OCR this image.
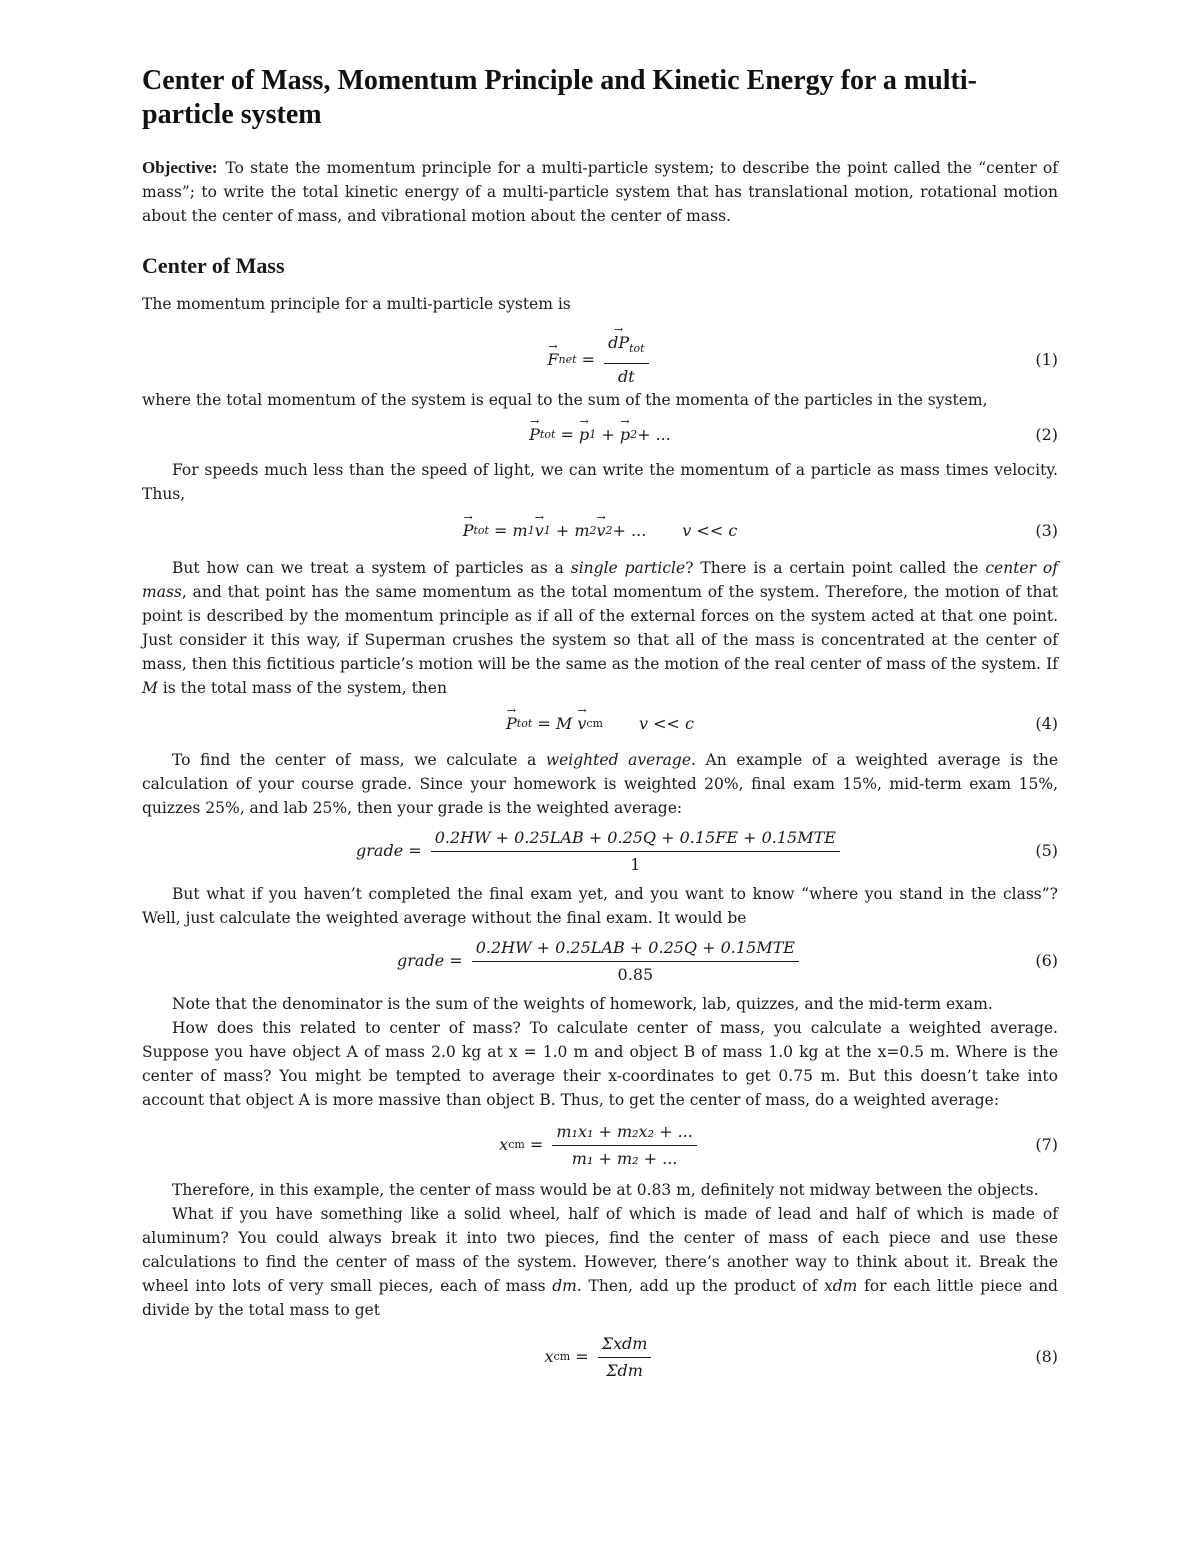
Center of Mass, Momentum Principle and Kinetic Energy for a multi-particle system

Objective: To state the momentum principle for a multi-particle system; to describe the point called the “center of mass”; to write the total kinetic energy of a multi-particle system that has translational motion, rotational motion about the center of mass, and vibrational motion about the center of mass.

Center of Mass

The momentum principle for a multi-particle system is

→ F net = → $\frac{dP_{tot}}{dt}$	(1)

where the total momentum of the system is equal to the sum of the momenta of the particles in the system,

→ P tot = → p 1 + → p 2 + ...	(2)

For speeds much less than the speed of light, we can write the momentum of a particle as mass times velocity. Thus,

→ P tot = m 1 → v 1 + m 2 → v 2 + ... v << c	(3)

But how can we treat a system of particles as a single particle? There is a certain point called the center of mass, and that point has the same momentum as the total momentum of the system. Therefore, the motion of that point is described by the momentum principle as if all of the external forces on the system acted at that one point. Just consider it this way, if Superman crushes the system so that all of the mass is concentrated at the center of mass, then this fictitious particle’s motion will be the same as the motion of the real center of mass of the system. If M is the total mass of the system, then

→ P tot = M
→ v cm v << c	(4)

To find the center of mass, we calculate a weighted average. An example of a weighted average is the calculation of your course grade. Since your homework is weighted 20%, final exam 15%, mid-term exam 15%, quizzes 25%, and lab 25%, then your grade is the weighted average:

grade = $\frac{\text{0.2HW + 0.25LAB + 0.25Q + 0.15FE + 0.15MTE}}{1}$	(5)

But what if you haven’t completed the final exam yet, and you want to know “where you stand in the class”? Well, just calculate the weighted average without the final exam. It would be

grade = $\frac{\text{0.2HW + 0.25LAB + 0.25Q + 0.15MTE}}{0.85}$	(6)

Note that the denominator is the sum of the weights of homework, lab, quizzes, and the mid-term exam.

How does this related to center of mass? To calculate center of mass, you calculate a weighted average. Suppose you have object A of mass 2.0 kg at x = 1.0 m and object B of mass 1.0 kg at the x=0.5 m. Where is the center of mass? You might be tempted to average their x-coordinates to get 0.75 m. But this doesn’t take into account that object A is more massive than object B. Thus, to get the center of mass, do a weighted average:

x cm = $\frac{\text{m₁x₁ + m₂x₂ + ...}}{\text{m₁ + m₂ + ...}}$	(7)

Therefore, in this example, the center of mass would be at 0.83 m, definitely not midway between the objects.

What if you have something like a solid wheel, half of which is made of lead and half of which is made of aluminum? You could always break it into two pieces, find the center of mass of each piece and use these calculations to find the center of mass of the system. However, there’s another way to think about it. Break the wheel into lots of very small pieces, each of mass dm. Then, add up the product of xdm for each little piece and divide by the total mass to get

x cm = $\frac{\text{Σxdm}}{\text{Σdm}}$	(8)
